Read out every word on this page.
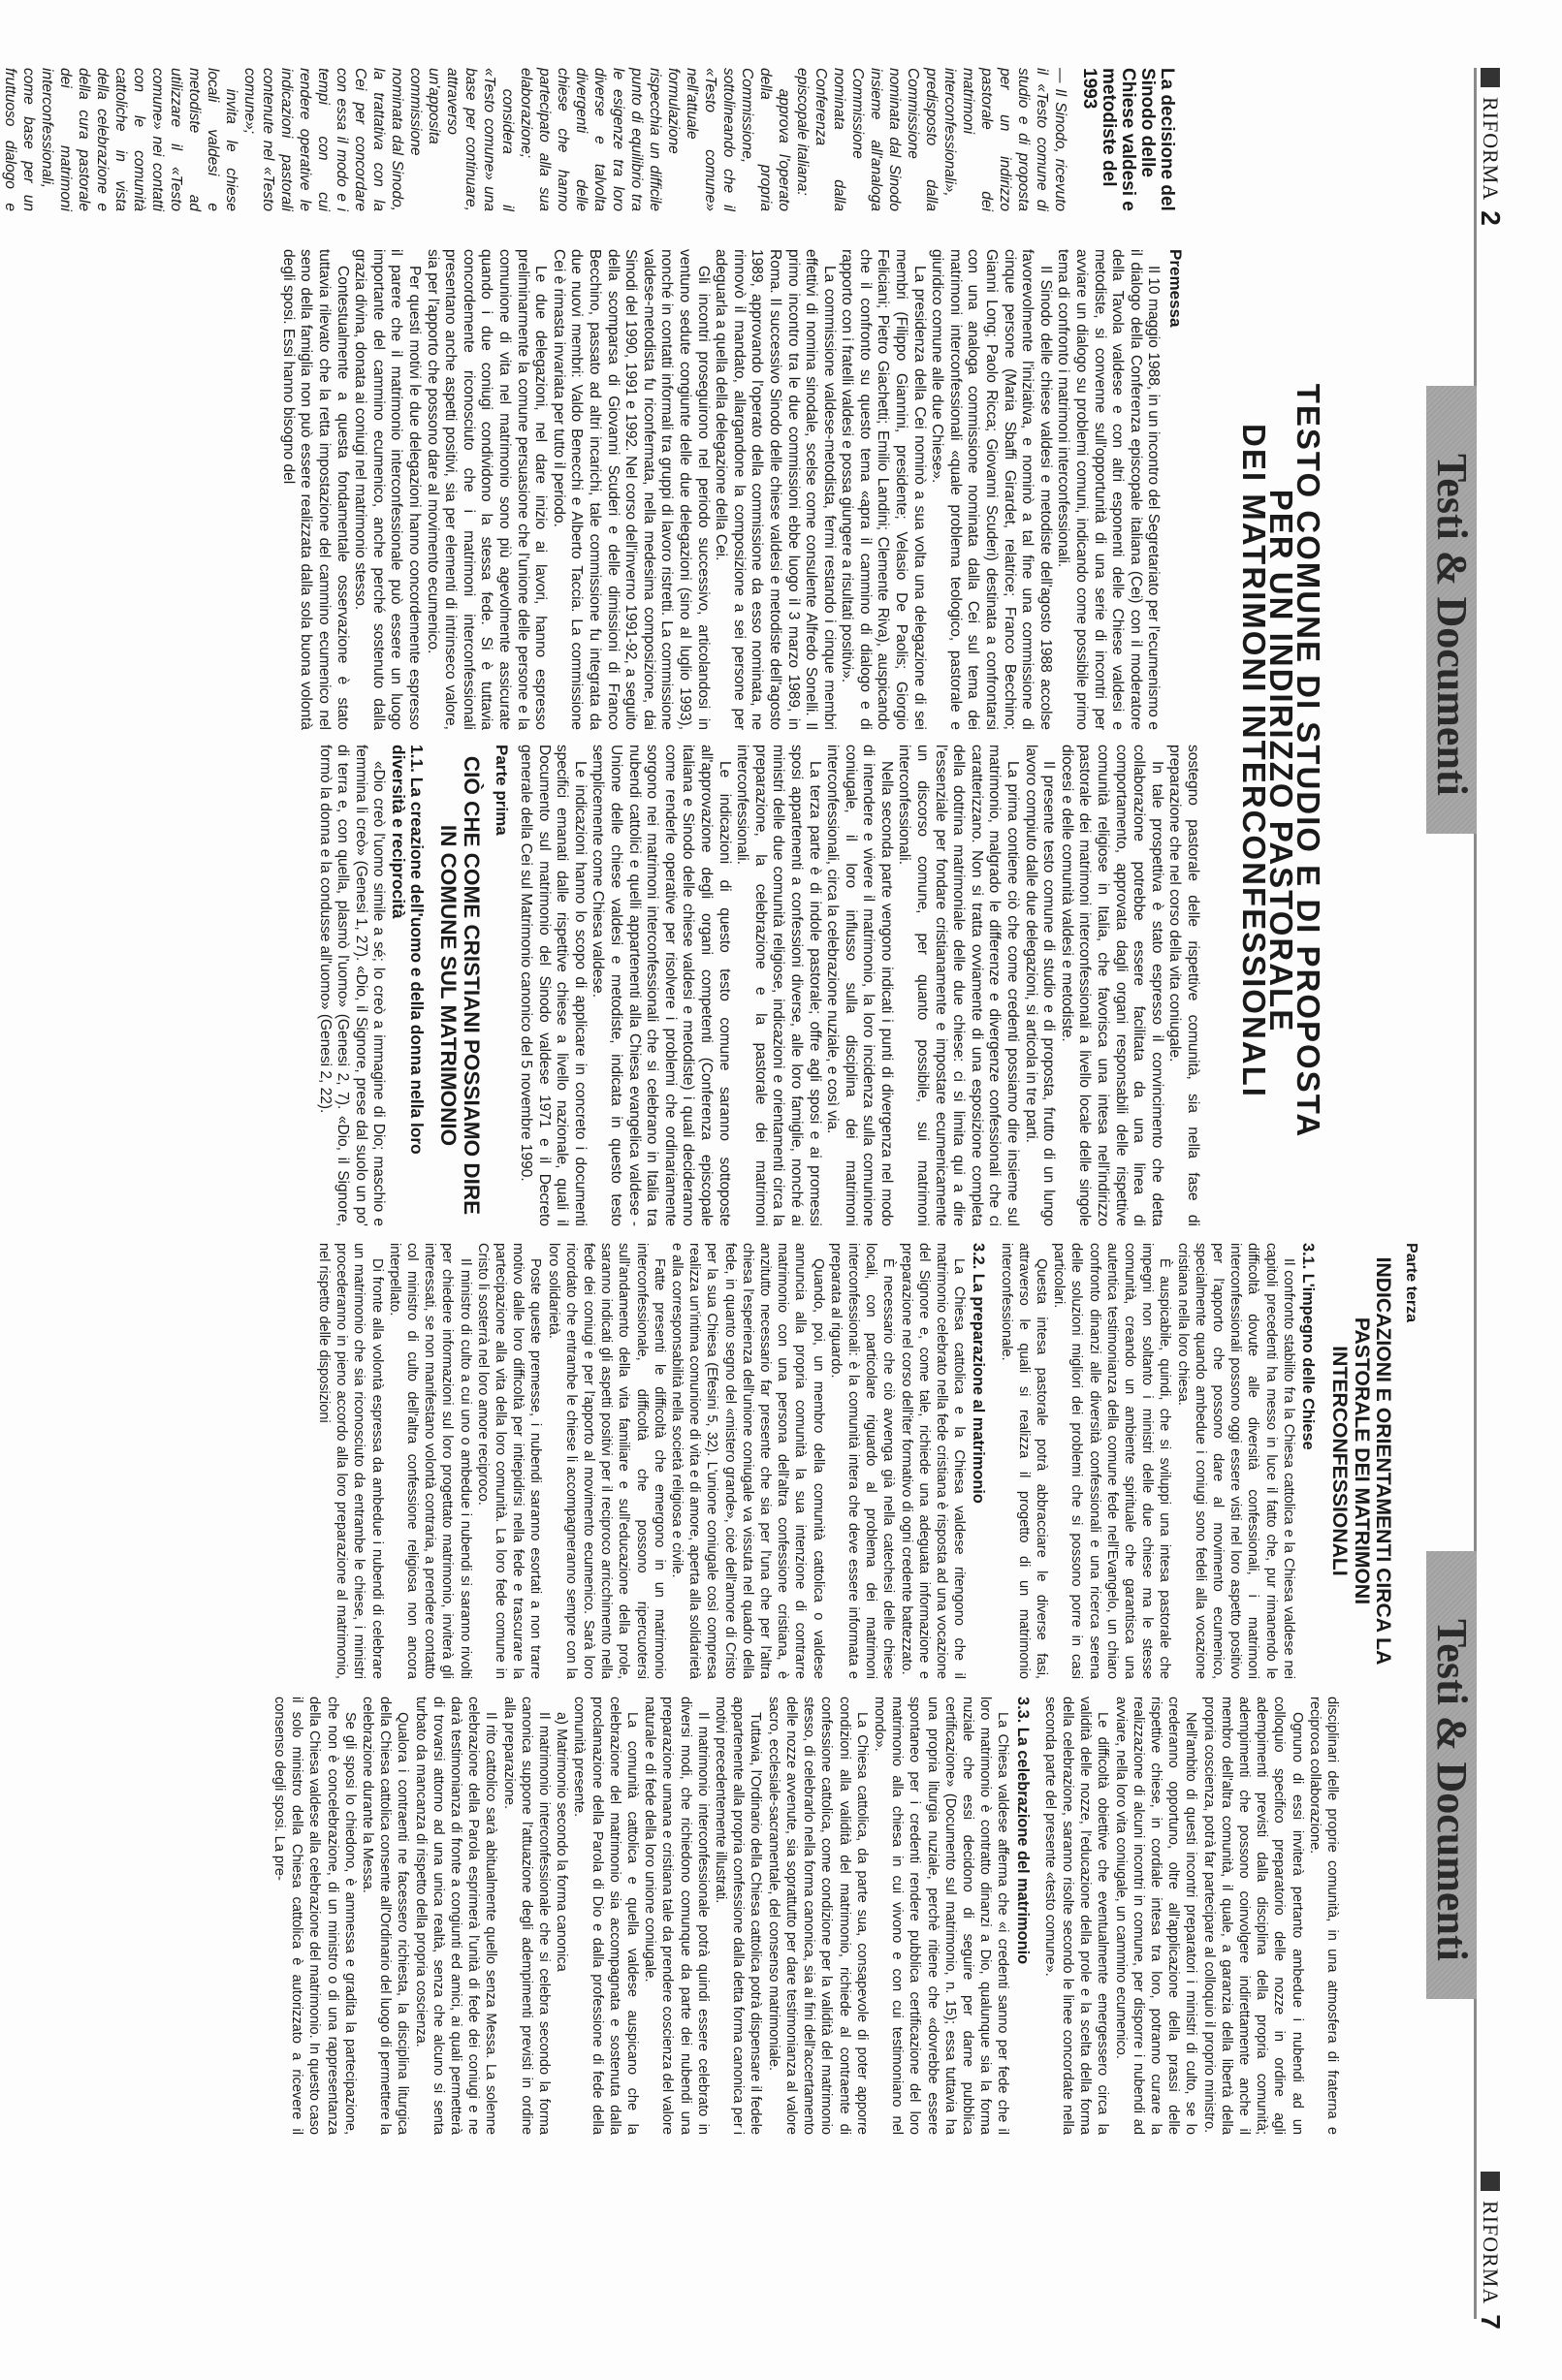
RIFORMA
2
RIFORMA
7
Testi & Documenti
Testi & Documenti
TESTO COMUNE DI STUDIO E DI PROPOSTA
PER UN INDIRIZZO PASTORALE
DEI MATRIMONI INTERCONFESSIONALI
La decisione del Sinodo delle Chiese valdesi e metodiste del 1993

— Il Sinodo, ricevuto il «Testo comune di studio e di proposta per un indirizzo pastorale dei matrimoni interconfessionali», predisposto dalla Commissione nominata dal Sinodo insieme all'analoga Commissione nominata dalla Conferenza episcopale italiana:

approva l'operato della propria Commissione, sottolineando che il «Testo comune» nell'attuale formulazione rispecchia un difficile punto di equilibrio tra le esigenze tra loro diverse e talvolta divergenti delle chiese che hanno partecipato alla sua elaborazione;

considera il «Testo comune» una base per continuare, attraverso un'apposita commissione nominata dal Sinodo, la trattativa con la Cei per concordare con essa il modo e i tempi con cui rendere operative le indicazioni pastorali contenute nel «Testo comune»;

invita le chiese locali valdesi e metodiste ad utilizzare il «Testo comune» nei contatti con le comunità cattoliche in vista della celebrazione e della cura pastorale dei matrimoni interconfessionali, come base per un fruttuoso dialogo e

Premessa

Il 10 maggio 1988, in un incontro del Segretariato per l'ecumenismo e il dialogo della Conferenza episcopale italiana (Cei) con il moderatore della Tavola valdese e con altri esponenti delle Chiese valdesi e metodiste, si convenne sull'opportunità di una serie di incontri per avviare un dialogo su problemi comuni, indicando come possibile primo tema di confronto i matrimoni interconfessionali.

Il Sinodo delle chiese valdesi e metodiste dell'agosto 1988 accolse favorevolmente l'iniziativa, e nominò a tal fine una commissione di cinque persone (Maria Sbaffi Girardet, relatrice; Franco Becchino; Gianni Long; Paolo Ricca; Giovanni Scuderi) destinata a confrontarsi con una analoga commissione nominata dalla Cei sul tema dei matrimoni interconfessionali «quale problema teologico, pastorale e giuridico comune alle due Chiese».

La presidenza della Cei nominò a sua volta una delegazione di sei membri (Filippo Giannini, presidente; Velasio De Paolis; Giorgio Feliciani; Pietro Giachetti; Emilio Landini; Clemente Riva), auspicando che il confronto su questo tema «apra il cammino di dialogo e di rapporto con i fratelli valdesi e possa giungere a risultati positivi».

La commissione valdese-metodista, fermi restando i cinque membri effettivi di nomina sinodale, scelse come consulente Alfredo Sonelli. Il primo incontro tra le due commissioni ebbe luogo il 3 marzo 1989, in Roma. Il successivo Sinodo delle chiese valdesi e metodiste dell'agosto 1989, approvando l'operato della commissione da esso nominata, ne rinnovò il mandato, allargandone la composizione a sei persone per adeguarla a quella della delegazione della Cei.

Gli incontri proseguirono nel periodo successivo, articolandosi in ventuno sedute congiunte delle due delegazioni (sino al luglio 1993), nonché in contatti informali tra gruppi di lavoro ristretti. La commissione valdese-metodista fu riconfermata, nella medesima composizione, dai Sinodi del 1990, 1991 e 1992. Nel corso dell'inverno 1991-92, a seguito della scomparsa di Giovanni Scuderi e delle dimissioni di Franco Becchino, passato ad altri incarichi, tale commissione fu integrata da due nuovi membri: Valdo Benecchi e Alberto Taccia. La commissione Cei è rimasta invariata per tutto il periodo.

Le due delegazioni, nel dare inizio ai lavori, hanno espresso preliminarmente la comune persuasione che l'unione delle persone e la comunione di vita nel matrimonio sono più agevolmente assicurate quando i due coniugi condividono la stessa fede. Si è tuttavia concordemente riconosciuto che i matrimoni interconfessionali presentano anche aspetti positivi, sia per elementi di intrinseco valore, sia per l'apporto che possono dare al movimento ecumenico.

Per questi motivi le due delegazioni hanno concordemente espresso il parere che il matrimonio interconfessionale può essere un luogo importante del cammino ecumenico, anche perché sostenuto dalla grazia divina, donata ai coniugi nel matrimonio stesso.

Contestualmente a questa fondamentale osservazione è stato tuttavia rilevato che la retta impostazione del cammino ecumenico nel seno della famiglia non può essere realizzata dalla sola buona volontà degli sposi. Essi hanno bisogno del

sostegno pastorale delle rispettive comunità, sia nella fase di preparazione che nel corso della vita coniugale.

In tale prospettiva è stato espresso il convincimento che detta collaborazione potrebbe essere facilitata da una linea di comportamento, approvata dagli organi responsabili delle rispettive comunità religiose in Italia, che favorisca una intesa nell'indirizzo pastorale dei matrimoni interconfessionali a livello locale delle singole diocesi e delle comunità valdesi e metodiste.

Il presente testo comune di studio e di proposta, frutto di un lungo lavoro compiuto dalle due delegazioni, si articola in tre parti.

La prima contiene ciò che come credenti possiamo dire insieme sul matrimonio, malgrado le differenze e divergenze confessionali che ci caratterizzano. Non si tratta ovviamente di una esposizione completa della dottrina matrimoniale delle due chiese: ci si limita qui a dire l'essenziale per fondare cristianamente e impostare ecumenicamente un discorso comune, per quanto possibile, sui matrimoni interconfessionali.

Nella seconda parte vengono indicati i punti di divergenza nel modo di intendere e vivere il matrimonio, la loro incidenza sulla comunione coniugale, il loro influsso sulla disciplina dei matrimoni interconfessionali, circa la celebrazione nuziale, e così via.

La terza parte è di indole pastorale; offre agli sposi e ai promessi sposi appartenenti a confessioni diverse, alle loro famiglie, nonché ai ministri delle due comunità religiose, indicazioni e orientamenti circa la preparazione, la celebrazione e la pastorale dei matrimoni interconfessionali.

Le indicazioni di questo testo comune saranno sottoposte all'approvazione degli organi competenti (Conferenza episcopale italiana e Sinodo delle chiese valdesi e metodiste) i quali decideranno come renderle operative per risolvere i problemi che ordinariamente sorgono nei matrimoni interconfessionali che si celebrano in Italia tra nubendi cattolici e quelli appartenenti alla Chiesa evangelica valdese - Unione delle chiese valdesi e metodiste, indicata in questo testo semplicemente come Chiesa valdese.

Le indicazioni hanno lo scopo di applicare in concreto i documenti specifici emanati dalle rispettive chiese a livello nazionale, quali il Documento sul matrimonio del Sinodo valdese 1971 e il Decreto generale della Cei sul Matrimonio canonico del 5 novembre 1990.

Parte prima
CIÒ CHE COME CRISTIANI POSSIAMO DIRE IN COMUNE SUL MATRIMONIO
1.1. La creazione dell'uomo e della donna nella loro diversità e reciprocità

«Dio creò l'uomo simile a sé; lo creò a immagine di Dio; maschio e femmina li creò» (Genesi 1, 27). «Dio, il Signore, prese dal suolo un po' di terra e, con quella, plasmò l'uomo» (Genesi 2, 7). «Dio, il Signore, formò la donna e la condusse all'uomo» (Genesi 2, 22).

Parte terza
INDICAZIONI E ORIENTAMENTI CIRCA LA PASTORALE DEI MATRIMONI INTERCONFESSIONALI
3.1. L'impegno delle Chiese

Il confronto stabilito fra la Chiesa cattolica e la Chiesa valdese nei capitoli precedenti ha messo in luce il fatto che, pur rimanendo le difficoltà dovute alle diversità confessionali, i matrimoni interconfessionali possono oggi essere visti nel loro aspetto positivo per l'apporto che possono dare al movimento ecumenico, specialmente quando ambedue i coniugi sono fedeli alla vocazione cristiana nella loro chiesa.

È auspicabile, quindi, che si sviluppi una intesa pastorale che impegni non soltanto i ministri delle due chiese ma le stesse comunità, creando un ambiente spirituale che garantisca una autentica testimonianza della comune fede nell'Evangelo, un chiaro confronto dinanzi alle diversità confessionali e una ricerca serena delle soluzioni migliori dei problemi che si possono porre in casi particolari.

Questa intesa pastorale potrà abbracciare le diverse fasi, attraverso le quali si realizza il progetto di un matrimonio interconfessionale.

3.2. La preparazione al matrimonio

La Chiesa cattolica e la Chiesa valdese ritengono che il matrimonio celebrato nella fede cristiana è risposta ad una vocazione del Signore e, come tale, richiede una adeguata informazione e preparazione nel corso dell'iter formativo di ogni credente battezzato.

È necessario che ciò avvenga già nella catechesi delle chiese locali, con particolare riguardo al problema dei matrimoni interconfessionali: è la comunità intera che deve essere informata e preparata al riguardo.

Quando, poi, un membro della comunità cattolica o valdese annuncia alla propria comunità la sua intenzione di contrarre matrimonio con una persona dell'altra confessione cristiana, è anzitutto necessario far presente che sia per l'una che per l'altra chiesa l'esperienza dell'unione coniugale va vissuta nel quadro della fede, in quanto segno del «mistero grande», cioè dell'amore di Cristo per la sua Chiesa (Efesini 5, 32). L'unione coniugale così compresa realizza un'intima comunione di vita e di amore, aperta alla solidarietà e alla corresponsabilità nella società religiosa e civile.

Fatte presenti le difficoltà che emergono in un matrimonio interconfessionale, difficoltà che possono ripercuotersi sull'andamento della vita familiare e sull'educazione della prole, saranno indicati gli aspetti positivi per il reciproco arricchimento nella fede dei coniugi e per l'apporto al movimento ecumenico. Sarà loro ricordato che entrambe le chiese li accompagneranno sempre con la loro solidarietà.

Poste queste premesse, i nubendi saranno esortati a non trarre motivo dalle loro difficoltà per intiepidirsi nella fede e trascurare la partecipazione alla vita della loro comunità. La loro fede comune in Cristo li sosterrà nel loro amore reciproco.

Il ministro di culto a cui uno o ambedue i nubendi si saranno rivolti per chiedere informazioni sul loro progettato matrimonio, inviterà gli interessati, se non manifestano volontà contraria, a prendere contatto col ministro di culto dell'altra confessione religiosa non ancora interpellato.

Di fronte alla volontà espressa da ambedue i nubendi di celebrare un matrimonio che sia riconosciuto da entrambe le chiese, i ministri procederanno in pieno accordo alla loro preparazione al matrimonio, nel rispetto delle disposizioni

disciplinari delle proprie comunità, in una atmosfera di fraterna e reciproca collaborazione.

Ognuno di essi inviterà pertanto ambedue i nubendi ad un colloquio specifico preparatorio delle nozze in ordine agli adempimenti previsti dalla disciplina della propria comunità; adempimenti che possono coinvolgere indirettamente anche il membro dell'altra comunità, il quale, a garanzia della libertà della propria coscienza, potrà far partecipare al colloquio il proprio ministro.

Nell'ambito di questi incontri preparatori i ministri di culto, se lo crederanno opportuno, oltre all'applicazione della prassi delle rispettive chiese, in cordiale intesa tra loro, potranno curare la realizzazione di alcuni incontri in comune, per disporre i nubendi ad avviare, nella loro vita coniugale, un cammino ecumenico.

Le difficoltà obiettive che eventualmente emergessero circa la validità delle nozze, l'educazione della prole e la scelta della forma della celebrazione, saranno risolte secondo le linee concordate nella seconda parte del presente «testo comune».

3.3. La celebrazione del matrimonio

La Chiesa valdese afferma che «i credenti sanno per fede che il loro matrimonio è contratto dinanzi a Dio, qualunque sia la forma nuziale che essi decidono di seguire per darne pubblica certificazione» (Documento sul matrimonio, n. 15); essa tuttavia ha una propria liturgia nuziale, perchè ritiene che «dovrebbe essere spontaneo per i credenti rendere pubblica certificazione del loro matrimonio alla chiesa in cui vivono e con cui testimoniano nel mondo».

La Chiesa cattolica, da parte sua, consapevole di poter apporre condizioni alla validità del matrimonio, richiede al contraente di confessione cattolica, come condizione per la validità del matrimonio stesso, di celebrarlo nella forma canonica, sia ai fini dell'accertamento delle nozze avvenute, sia soprattutto per dare testimonianza al valore sacro, ecclesiale-sacramentale, del consenso matrimoniale.

Tuttavia, l'Ordinario della Chiesa cattolica potrà dispensare il fedele appartenente alla propria confessione dalla detta forma canonica per i motivi precedentemente illustrati.

Il matrimonio interconfessionale potrà quindi essere celebrato in diversi modi, che richiedono comunque da parte dei nubendi una preparazione umana e cristiana tale da prendere coscienza del valore naturale e di fede della loro unione coniugale.

La comunità cattolica e quella valdese auspicano che la celebrazione del matrimonio sia accompagnata e sostenuta dalla proclamazione della Parola di Dio e dalla professione di fede della comunità presente.

a) Matrimonio secondo la forma canonica

Il matrimonio interconfessionale che si celebra secondo la forma canonica suppone l'attuazione degli adempimenti previsti in ordine alla preparazione.

Il rito cattolico sarà abitualmente quello senza Messa. La solenne celebrazione della Parola esprimerà l'unità di fede dei coniugi e ne darà testimonianza di fronte a congiunti ed amici, ai quali permetterà di trovarsi attorno ad una unica realtà, senza che alcuno si senta turbato da mancanza di rispetto della propria coscienza.

Qualora i contraenti ne facessero richiesta, la disciplina liturgica della Chiesa cattolica consente all'Ordinario del luogo di permettere la celebrazione durante la Messa.

Se gli sposi lo chiedono, è ammessa e gradita la partecipazione, che non è concelebrazione, di un ministro o di una rappresentanza della Chiesa valdese alla celebrazione del matrimonio. In questo caso il solo ministro della Chiesa cattolica è autorizzato a ricevere il consenso degli sposi. La pre-
